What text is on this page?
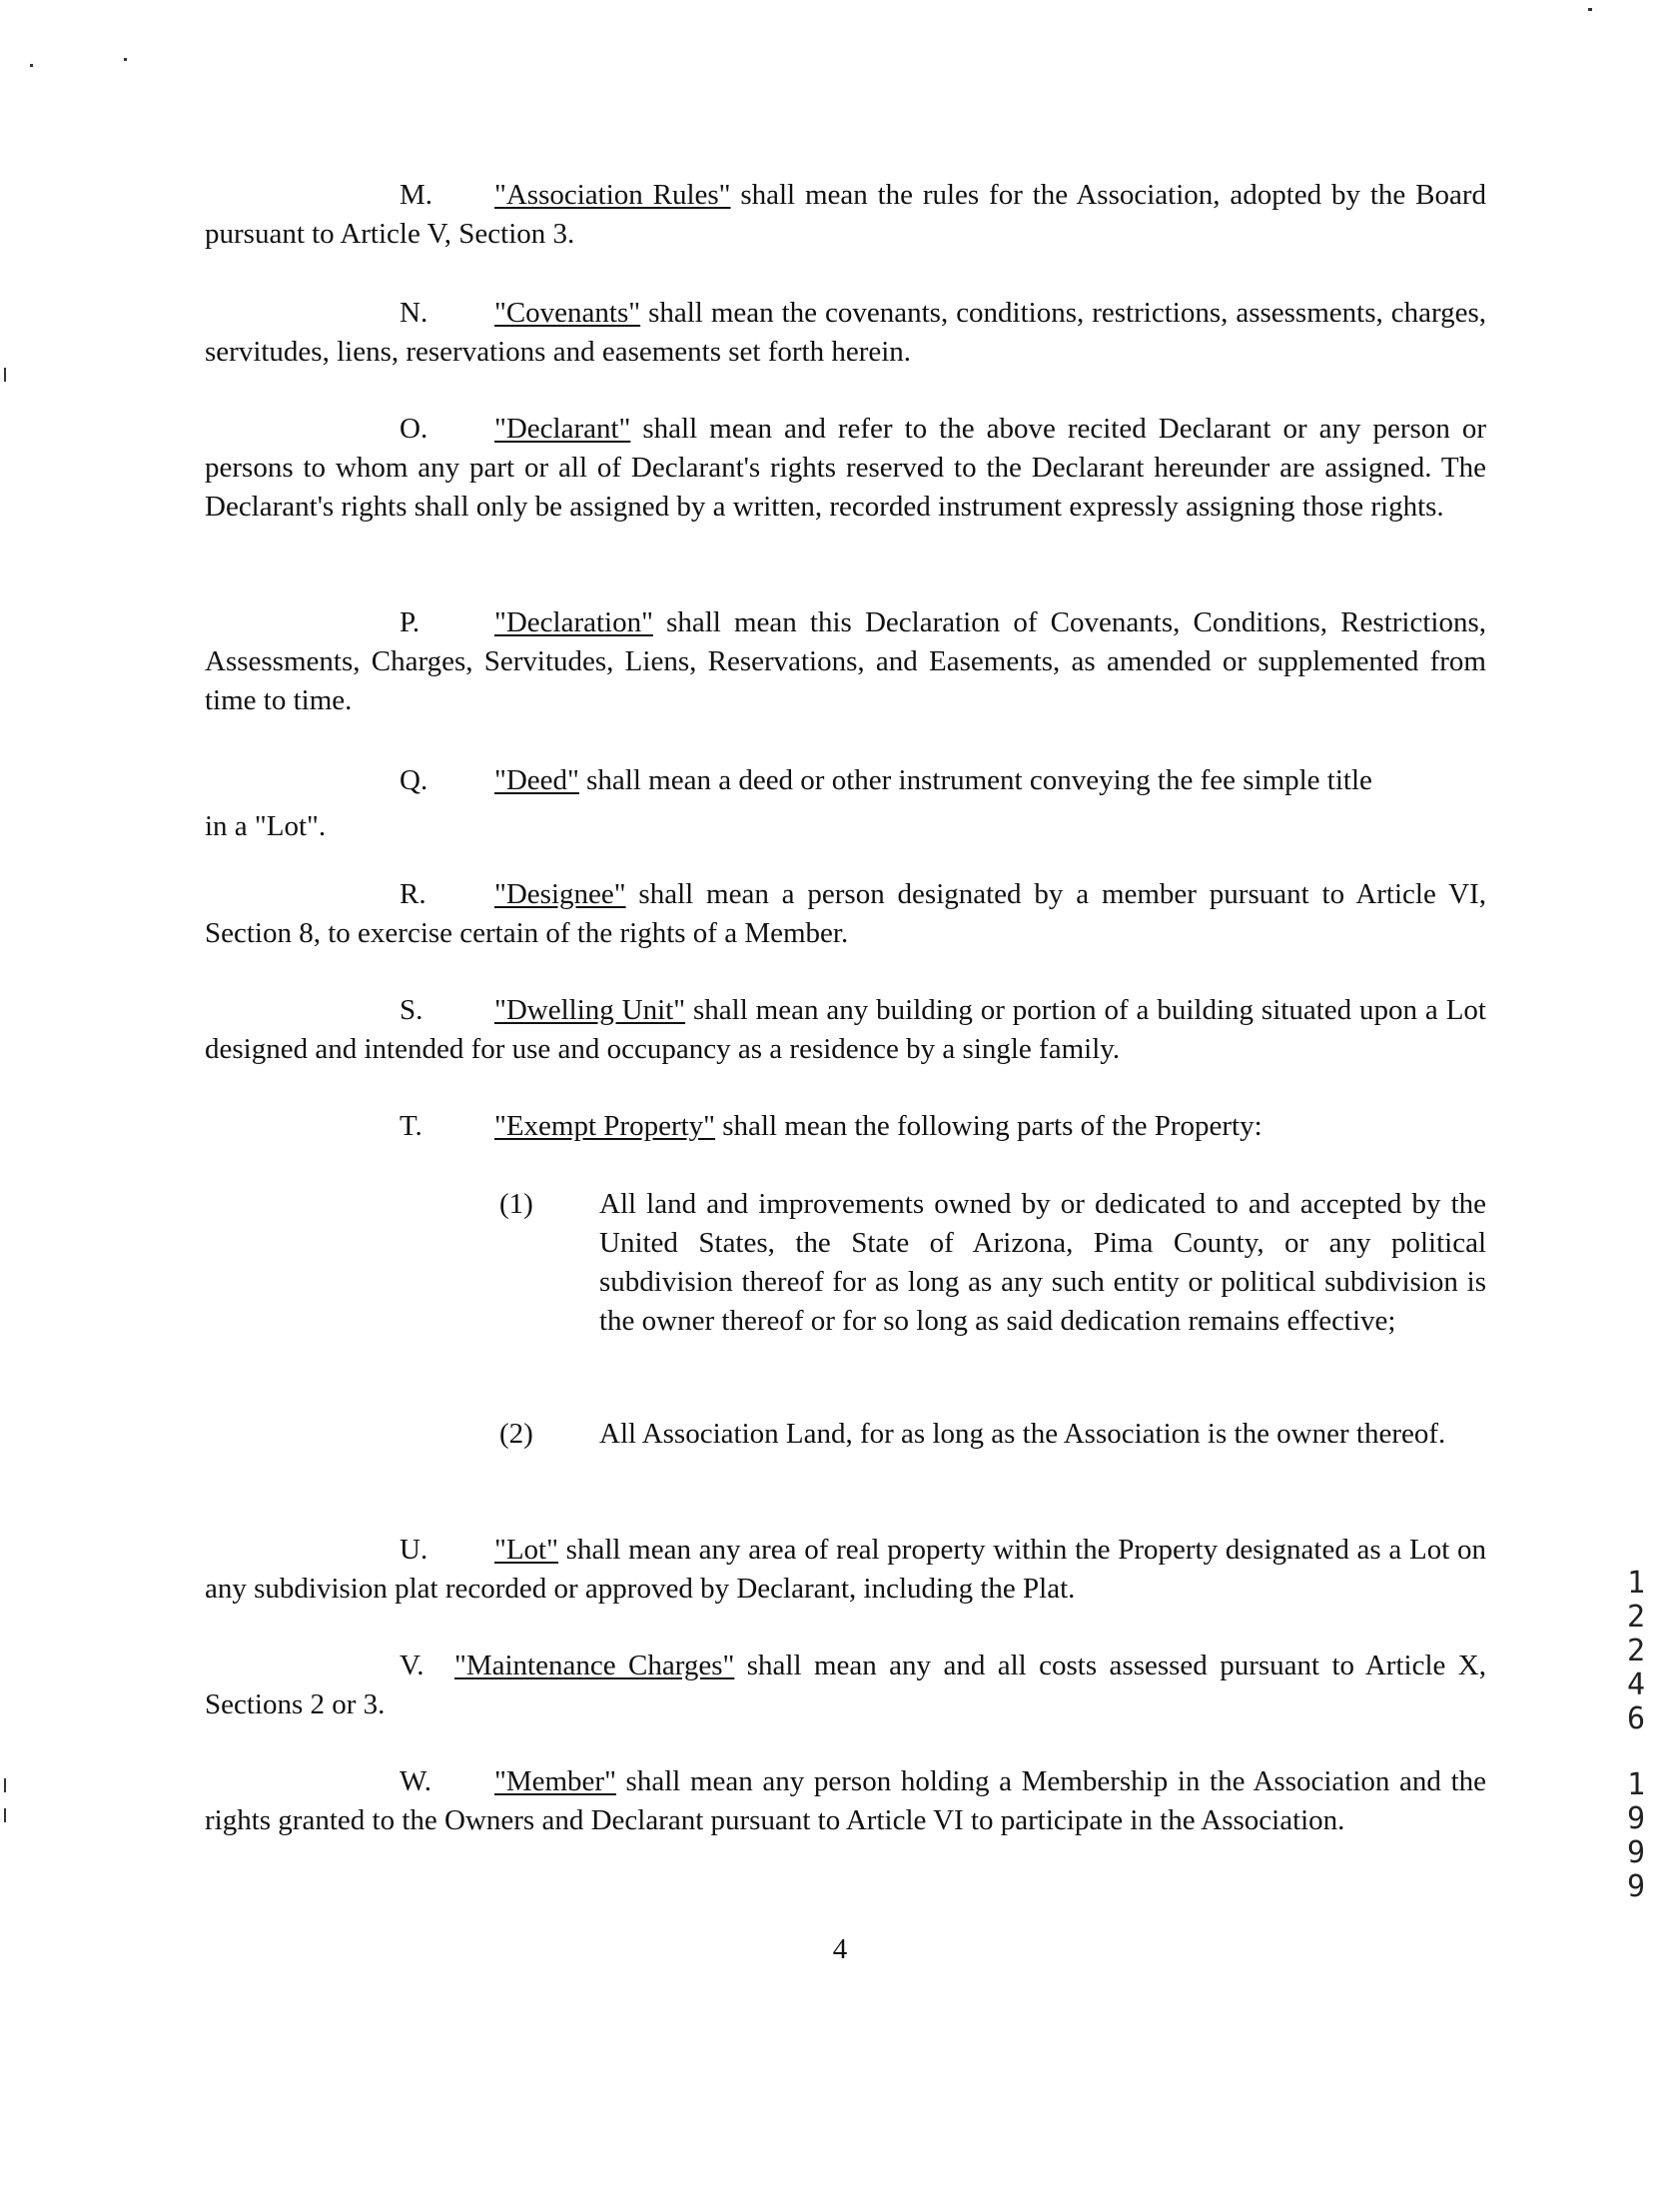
M. "Association Rules" shall mean the rules for the Association, adopted by the Board pursuant to Article V, Section 3.
N. "Covenants" shall mean the covenants, conditions, restrictions, assessments, charges, servitudes, liens, reservations and easements set forth herein.
O. "Declarant" shall mean and refer to the above recited Declarant or any person or persons to whom any part or all of Declarant's rights reserved to the Declarant hereunder are assigned. The Declarant's rights shall only be assigned by a written, recorded instrument expressly assigning those rights.
P.	"Declaration" shall mean this Declaration of Covenants, Conditions, Restrictions, Assessments, Charges, Servitudes, Liens, Reservations, and Easements, as amended or supplemented from time to time.
Q. "Deed" shall mean a deed or other instrument conveying the fee simple title
in a "Lot".
R. "Designee" shall mean a person designated by a member pursuant to Article VI, Section 8, to exercise certain of the rights of a Member.
S. "Dwelling Unit" shall mean any building or portion of a building situated upon a Lot designed and intended for use and occupancy as a residence by a single family.
T. "Exempt Property" shall mean the following parts of the Property:
(1) All land and improvements owned by or dedicated to and accepted by the United States, the State of Arizona, Pima County, or any political subdivision thereof for as long as any such entity or political subdivision is the owner thereof or for so long as said dedication remains effective;
(2) All Association Land, for as long as the Association is the owner thereof.
U. "Lot" shall mean any area of real property within the Property designated as a Lot on any subdivision plat recorded or approved by Declarant, including the Plat.
V. "Maintenance Charges" shall mean any and all costs assessed pursuant to Article X, Sections 2 or 3.
W. "Member" shall mean any person holding a Membership in the Association and the rights granted to the Owners and Declarant pursuant to Article VI to participate in the Association.
4
1
2
2
4
6
1
9
9
9
